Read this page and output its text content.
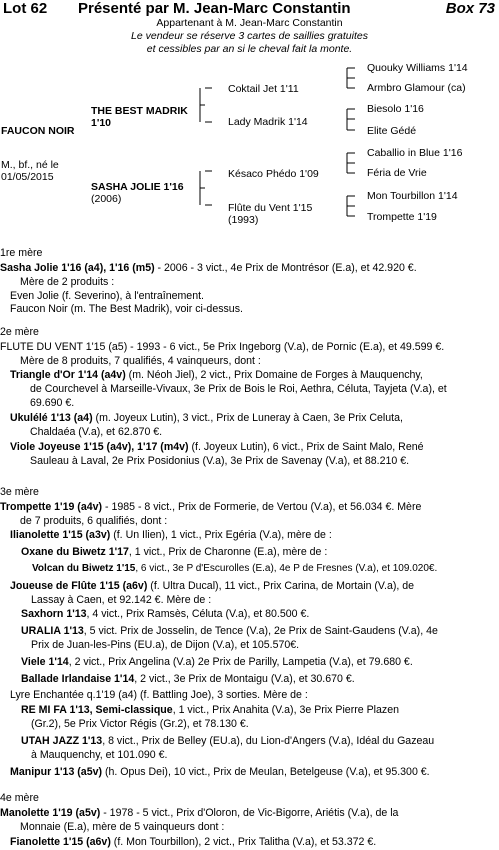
Lot 62 Présenté par M. Jean-Marc Constantin	Box 73
Appartenant à M. Jean-Marc Constantin
Le vendeur se réserve 3 cartes de saillies gratuites
et cessibles par an si le cheval fait la monte.
FAUCON NOIR
M., bf., né le
01/05/2015
THE BEST MADRIK
1'10
SASHA JOLIE 1'16
(2006)
Coktail Jet 1'11
Lady Madrik 1'14
Késaco Phédo 1'09
Flûte du Vent 1'15
(1993)
Quouky Williams 1'14
Armbro Glamour (ca)
Biesolo 1'16
Elite Gédé
Caballio in Blue 1'16
Féria de Vrie
Mon Tourbillon 1'14
Trompette 1'19
1re mère
Sasha Jolie 1'16 (a4), 1'16 (m5) - 2006 - 3 vict., 4e Prix de Montrésor (E.a), et 42.920 €.
Mère de 2 produits :
Even Jolie (f. Severino), à l'entraînement.
Faucon Noir (m. The Best Madrik), voir ci-dessus.
2e mère
FLUTE DU VENT 1'15 (a5) - 1993 - 6 vict., 5e Prix Ingeborg (V.a), de Pornic (E.a), et 49.599 €.
Mère de 8 produits, 7 qualifiés, 4 vainqueurs, dont :
Triangle d'Or 1'14 (a4v) (m. Néoh Jiel), 2 vict., Prix Domaine de Forges à Mauquenchy,
de Courchevel à Marseille-Vivaux, 3e Prix de Bois le Roi, Aethra, Céluta, Tayjeta (V.a), et
69.690 €.
Ukulélé 1'13 (a4) (m. Joyeux Lutin), 3 vict., Prix de Luneray à Caen, 3e Prix Celuta,
Chaldaéa (V.a), et 62.870 €.
Viole Joyeuse 1'15 (a4v), 1'17 (m4v) (f. Joyeux Lutin), 6 vict., Prix de Saint Malo, René
Sauleau à Laval, 2e Prix Posidonius (V.a), 3e Prix de Savenay (V.a), et 88.210 €.
3e mère
Trompette 1'19 (a4v) - 1985 - 8 vict., Prix de Formerie, de Vertou (V.a), et 56.034 €. Mère
de 7 produits, 6 qualifiés, dont :
Ilianolette 1'15 (a3v) (f. Un Ilien), 1 vict., Prix Egéria (V.a), mère de :
Oxane du Biwetz 1'17, 1 vict., Prix de Charonne (E.a), mère de :
Volcan du Biwetz 1'15, 6 vict., 3e P d'Escurolles (E.a), 4e P de Fresnes (V.a), et 109.020€.
Joueuse de Flûte 1'15 (a6v) (f. Ultra Ducal), 11 vict., Prix Carina, de Mortain (V.a), de
Lassay à Caen, et 92.142 €. Mère de :
Saxhorn 1'13, 4 vict., Prix Ramsès, Céluta (V.a), et 80.500 €.
URALIA 1'13, 5 vict. Prix de Josselin, de Tence (V.a), 2e Prix de Saint-Gaudens (V.a), 4e
Prix de Juan-les-Pins (EU.a), de Dijon (V.a), et 105.570€.
Viele 1'14, 2 vict., Prix Angelina (V.a) 2e Prix de Parilly, Lampetia (V.a), et 79.680 €.
Ballade Irlandaise 1'14, 2 vict., 3e Prix de Montaigu (V.a), et 30.670 €.
Lyre Enchantée q.1'19 (a4) (f. Battling Joe), 3 sorties. Mère de :
RE MI FA 1'13, Semi-classique, 1 vict., Prix Anahita (V.a), 3e Prix Pierre Plazen
(Gr.2), 5e Prix Victor Régis (Gr.2), et 78.130 €.
UTAH JAZZ 1'13, 8 vict., Prix de Belley (EU.a), du Lion-d'Angers (V.a), Idéal du Gazeau
à Mauquenchy, et 101.090 €.
Manipur 1'13 (a5v) (h. Opus Dei), 10 vict., Prix de Meulan, Betelgeuse (V.a), et 95.300 €.
4e mère
Manolette 1'19 (a5v) - 1978 - 5 vict., Prix d'Oloron, de Vic-Bigorre, Ariétis (V.a), de la
Monnaie (E.a), mère de 5 vainqueurs dont :
Fianolette 1'15 (a6v) (f. Mon Tourbillon), 2 vict., Prix Talitha (V.a), et 53.372 €.
